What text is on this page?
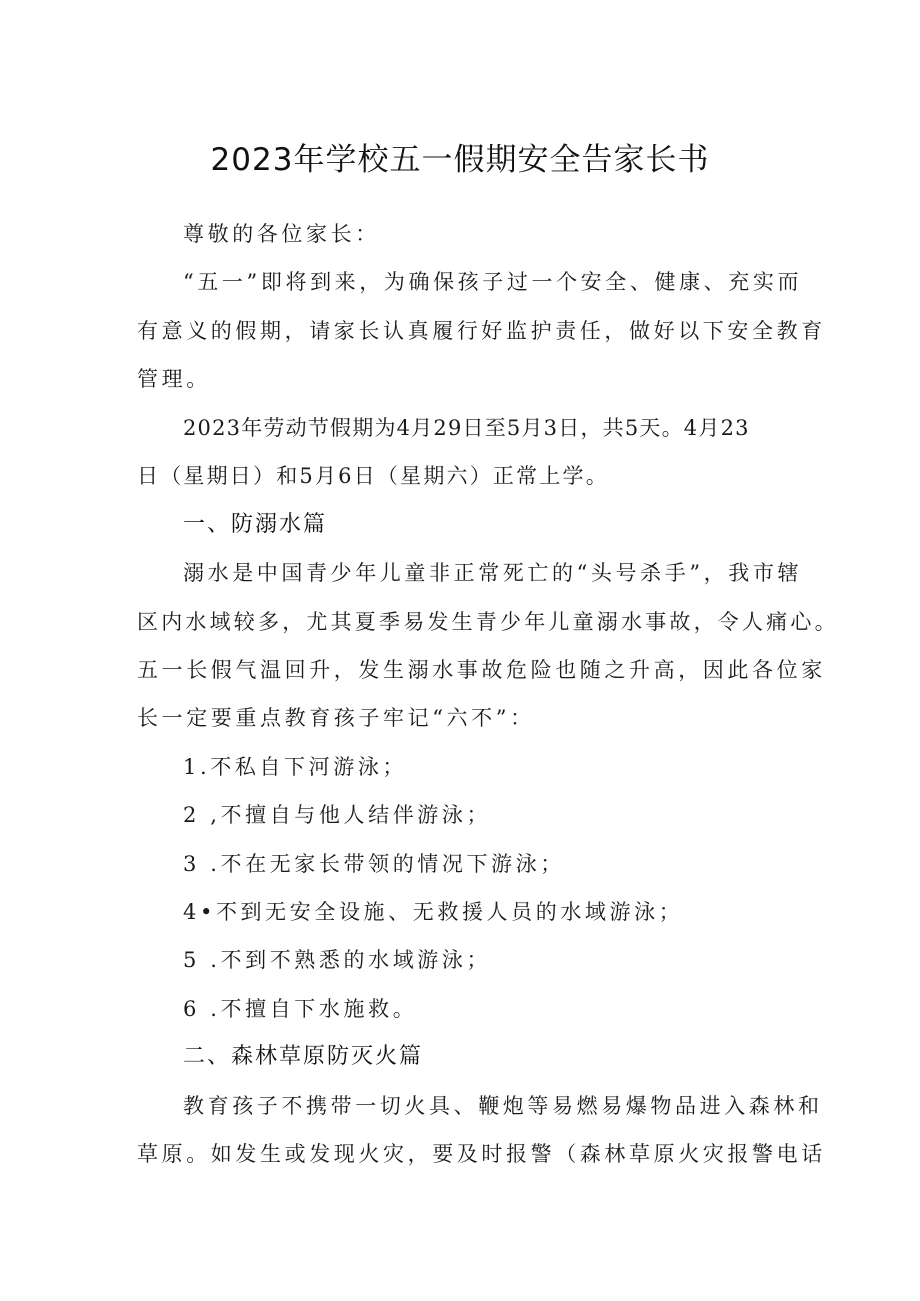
2023年学校五一假期安全告家长书
尊敬的各位家长：
“五一”即将到来，为确保孩子过一个安全、健康、充实而
有意义的假期，请家长认真履行好监护责任，做好以下安全教育
管理。
2023年劳动节假期为4月29日至5月3日，共5天。4月23
日（星期日）和5月6日（星期六）正常上学。
一、防溺水篇
溺水是中国青少年儿童非正常死亡的“头号杀手”，我市辖
区内水域较多，尤其夏季易发生青少年儿童溺水事故，令人痛心。
五一长假气温回升，发生溺水事故危险也随之升高，因此各位家
长一定要重点教育孩子牢记“六不”：
1.不私自下河游泳；
2 ,不擅自与他人结伴游泳；
3 .不在无家长带领的情况下游泳；
4•不到无安全设施、无救援人员的水域游泳；
5 .不到不熟悉的水域游泳；
6 .不擅自下水施救。
二、森林草原防灭火篇
教育孩子不携带一切火具、鞭炮等易燃易爆物品进入森林和
草原。如发生或发现火灾，要及时报警（森林草原火灾报警电话
